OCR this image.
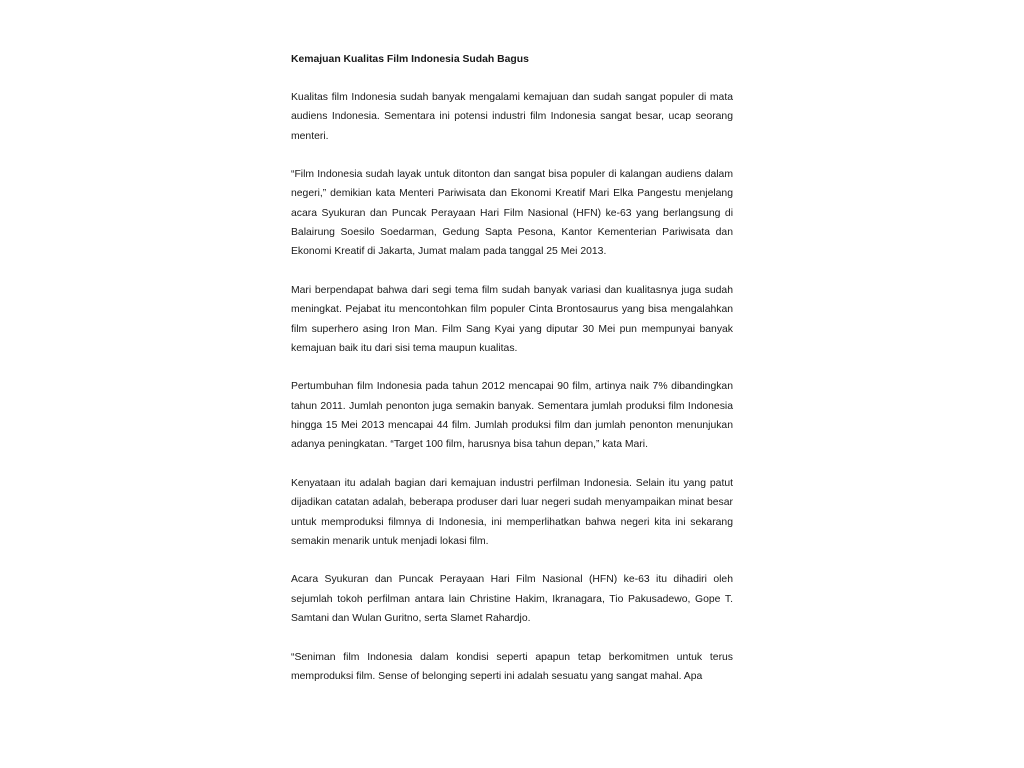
Kemajuan Kualitas Film Indonesia Sudah Bagus

Kualitas film Indonesia sudah banyak mengalami kemajuan dan sudah sangat populer di mata audiens Indonesia. Sementara ini potensi industri film Indonesia sangat besar, ucap seorang menteri.

“Film Indonesia sudah layak untuk ditonton dan sangat bisa populer di kalangan audiens dalam negeri,” demikian kata Menteri Pariwisata dan Ekonomi Kreatif Mari Elka Pangestu menjelang acara Syukuran dan Puncak Perayaan Hari Film Nasional (HFN) ke-63 yang berlangsung di Balairung Soesilo Soedarman, Gedung Sapta Pesona, Kantor Kementerian Pariwisata dan Ekonomi Kreatif di Jakarta, Jumat malam pada tanggal 25 Mei 2013.

Mari berpendapat bahwa dari segi tema film sudah banyak variasi dan kualitasnya juga sudah meningkat. Pejabat itu mencontohkan film populer Cinta Brontosaurus yang bisa mengalahkan film superhero asing Iron Man. Film Sang Kyai yang diputar 30 Mei pun mempunyai banyak kemajuan baik itu dari sisi tema maupun kualitas.

Pertumbuhan film Indonesia pada tahun 2012 mencapai 90 film, artinya naik 7% dibandingkan tahun 2011. Jumlah penonton juga semakin banyak. Sementara jumlah produksi film Indonesia hingga 15 Mei 2013 mencapai 44 film. Jumlah produksi film dan jumlah penonton menunjukan adanya peningkatan. “Target 100 film, harusnya bisa tahun depan,” kata Mari.

Kenyataan itu adalah bagian dari kemajuan industri perfilman Indonesia. Selain itu yang patut dijadikan catatan adalah, beberapa produser dari luar negeri sudah menyampaikan minat besar untuk memproduksi filmnya di Indonesia, ini memperlihatkan bahwa negeri kita ini sekarang semakin menarik untuk menjadi lokasi film.

Acara Syukuran dan Puncak Perayaan Hari Film Nasional (HFN) ke-63 itu dihadiri oleh sejumlah tokoh perfilman antara lain Christine Hakim, Ikranagara, Tio Pakusadewo, Gope T. Samtani dan Wulan Guritno, serta Slamet Rahardjo.

“Seniman film Indonesia dalam kondisi seperti apapun tetap berkomitmen untuk terus memproduksi film. Sense of belonging seperti ini adalah sesuatu yang sangat mahal. Apa
